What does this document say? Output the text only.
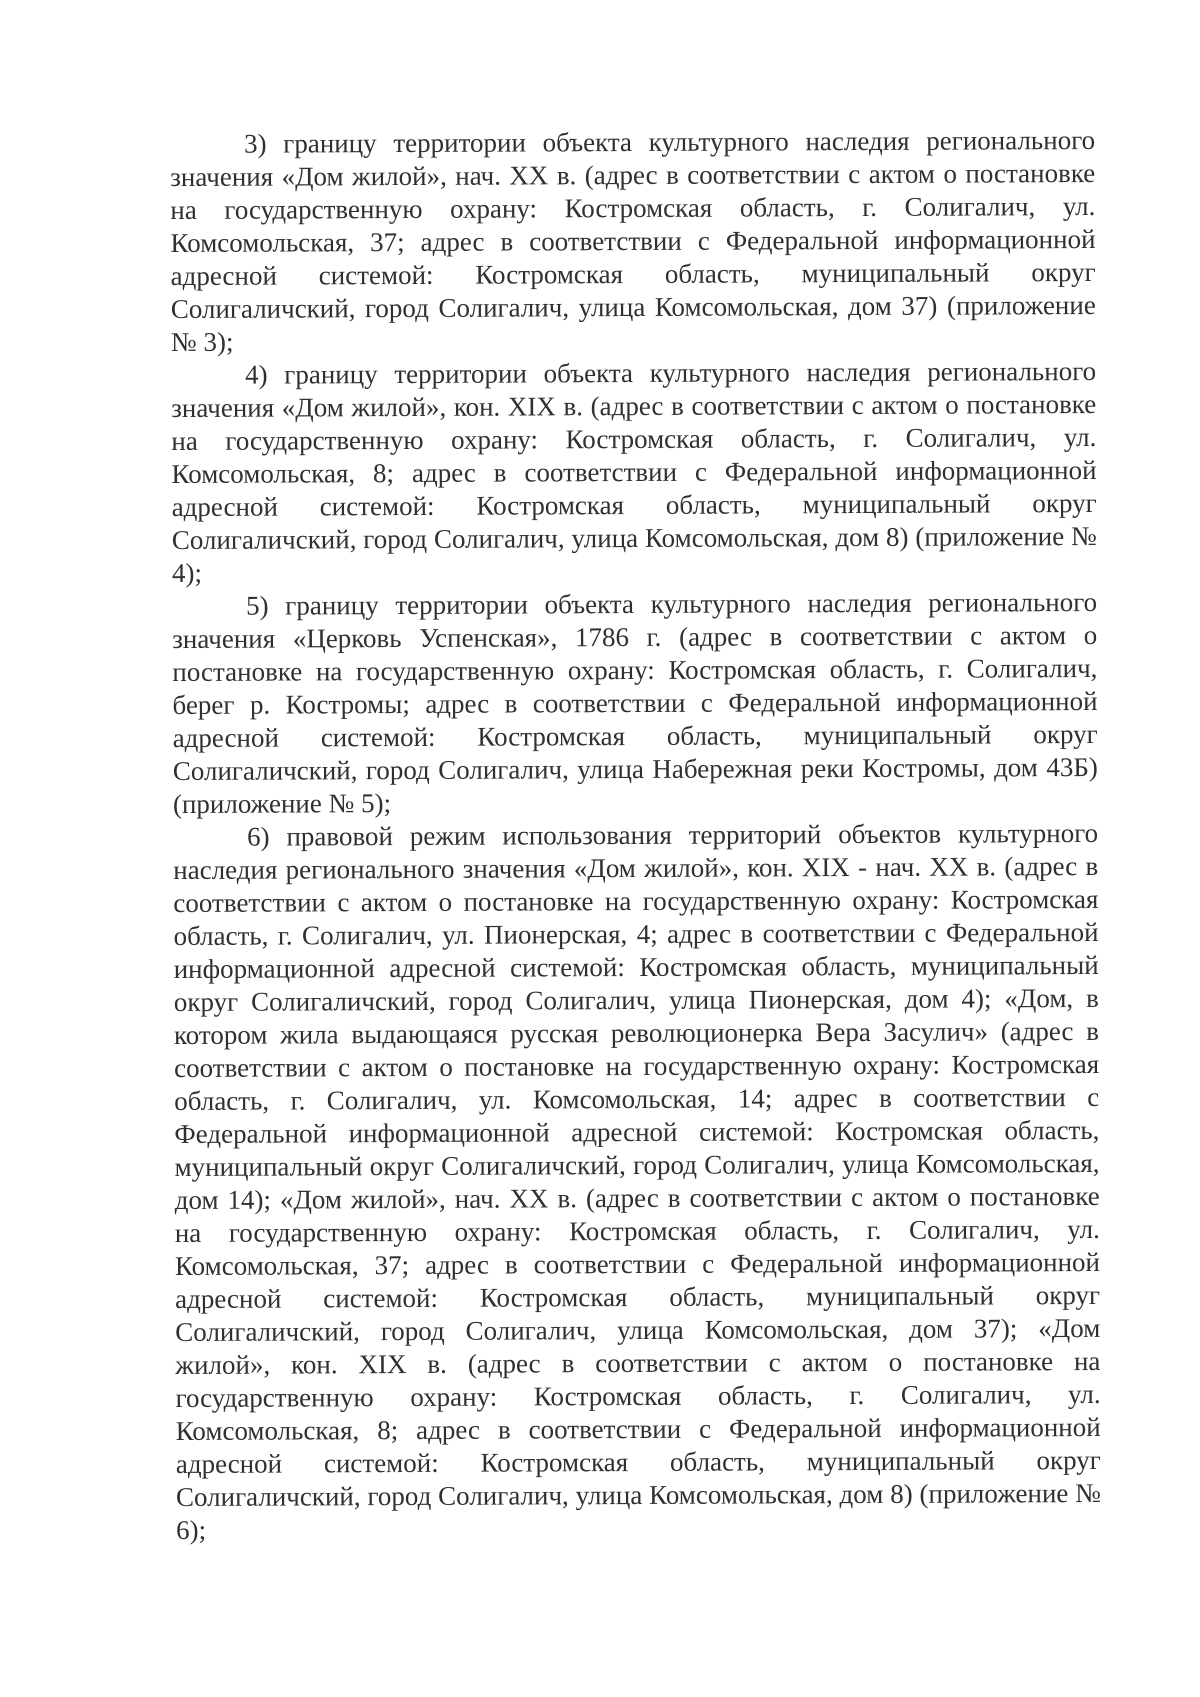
3) границу территории объекта культурного наследия регионального значения «Дом жилой», нач. XX в. (адрес в соответствии с актом о постановке на государственную охрану: Костромская область, г. Солигалич, ул. Комсомольская, 37; адрес в соответствии с Федеральной информационной адресной системой: Костромская область, муниципальный округ Солигаличский, город Солигалич, улица Комсомольская, дом 37) (приложение № 3);

4) границу территории объекта культурного наследия регионального значения «Дом жилой», кон. XIX в. (адрес в соответствии с актом о постановке на государственную охрану: Костромская область, г. Солигалич, ул. Комсомольская, 8; адрес в соответствии с Федеральной информационной адресной системой: Костромская область, муниципальный округ Солигаличский, город Солигалич, улица Комсомольская, дом 8) (приложение № 4);

5) границу территории объекта культурного наследия регионального значения «Церковь Успенская», 1786 г. (адрес в соответствии с актом о постановке на государственную охрану: Костромская область, г. Солигалич, берег р. Костромы; адрес в соответствии с Федеральной информационной адресной системой: Костромская область, муниципальный округ Солигаличский, город Солигалич, улица Набережная реки Костромы, дом 43Б) (приложение № 5);

6) правовой режим использования территорий объектов культурного наследия регионального значения «Дом жилой», кон. XIX - нач. XX в. (адрес в соответствии с актом о постановке на государственную охрану: Костромская область, г. Солигалич, ул. Пионерская, 4; адрес в соответствии с Федеральной информационной адресной системой: Костромская область, муниципальный округ Солигаличский, город Солигалич, улица Пионерская, дом 4); «Дом, в котором жила выдающаяся русская революционерка Вера Засулич» (адрес в соответствии с актом о постановке на государственную охрану: Костромская область, г. Солигалич, ул. Комсомольская, 14; адрес в соответствии с Федеральной информационной адресной системой: Костромская область, муниципальный округ Солигаличский, город Солигалич, улица Комсомольская, дом 14); «Дом жилой», нач. XX в. (адрес в соответствии с актом о постановке на государственную охрану: Костромская область, г. Солигалич, ул. Комсомольская, 37; адрес в соответствии с Федеральной информационной адресной системой: Костромская область, муниципальный округ Солигаличский, город Солигалич, улица Комсомольская, дом 37); «Дом жилой», кон. XIX в. (адрес в соответствии с актом о постановке на государственную охрану: Костромская область, г. Солигалич, ул. Комсомольская, 8; адрес в соответствии с Федеральной информационной адресной системой: Костромская область, муниципальный округ Солигаличский, город Солигалич, улица Комсомольская, дом 8) (приложение № 6);
